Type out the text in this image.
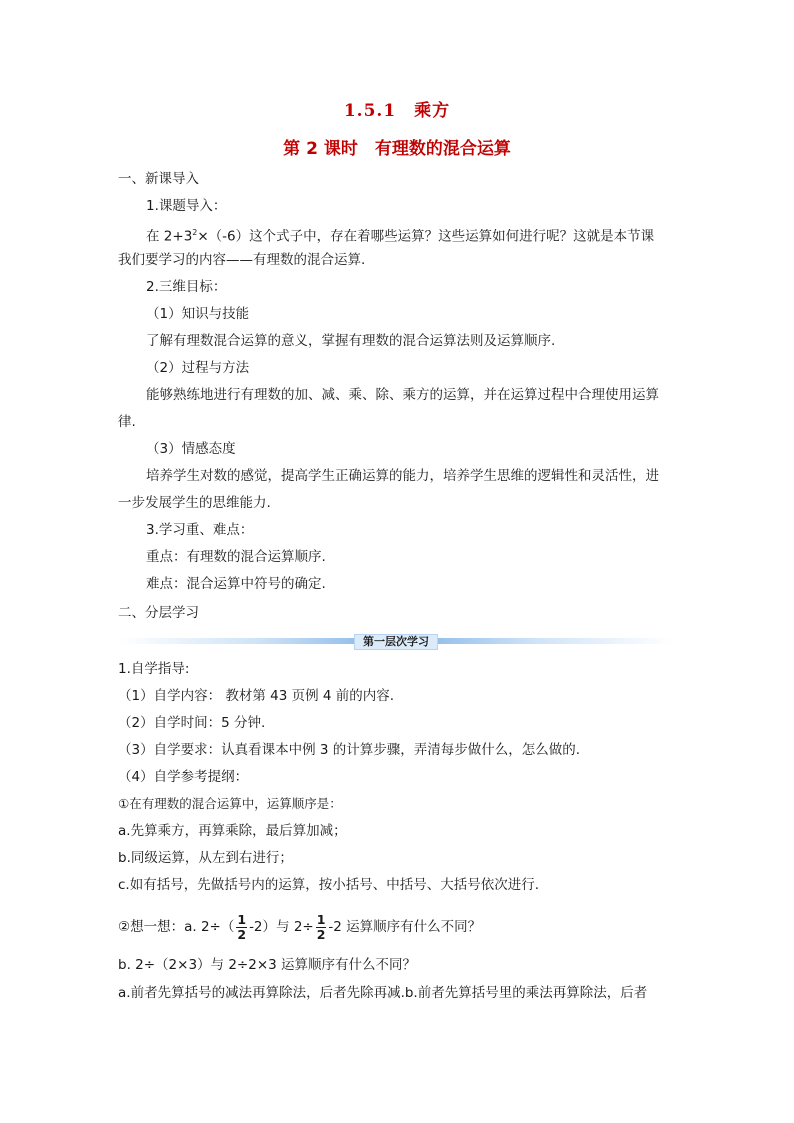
1.5.1　乘方
第 2 课时　有理数的混合运算
一、新课导入
1.课题导入：
在 $2+3^2\times(-6)$这个式子中，存在着哪些运算？这些运算如何进行呢？这就是本节课
我们要学习的内容——有理数的混合运算.
2.三维目标：
（1）知识与技能
了解有理数混合运算的意义，掌握有理数的混合运算法则及运算顺序.
（2）过程与方法
能够熟练地进行有理数的加、减、乘、除、乘方的运算，并在运算过程中合理使用运算
律.
（3）情感态度
培养学生对数的感觉，提高学生正确运算的能力，培养学生思维的逻辑性和灵活性，进
一步发展学生的思维能力.
3.学习重、难点：
重点：有理数的混合运算顺序.
难点：混合运算中符号的确定.
二、分层学习
第一层次学习
1.自学指导:
（1）自学内容： 教材第 43 页例 4 前的内容.
（2）自学时间：5 分钟.
（3）自学要求：认真看课本中例 3 的计算步骤，弄清每步做什么，怎么做的.
（4）自学参考提纲：
①在有理数的混合运算中，运算顺序是：
a.先算乘方，再算乘除，最后算加减；
b.同级运算，从左到右进行；
c.如有括号，先做括号内的运算，按小括号、中括号、大括号依次进行.
②想一想：a. $2\div( \frac{1}{2} -2)$与 $2\div \frac{1}{2} -2$ 运算顺序有什么不同？
b. 2÷（2×3）与 2÷2×3 运算顺序有什么不同？
a.前者先算括号的减法再算除法，后者先除再减.b.前者先算括号里的乘法再算除法，后者
